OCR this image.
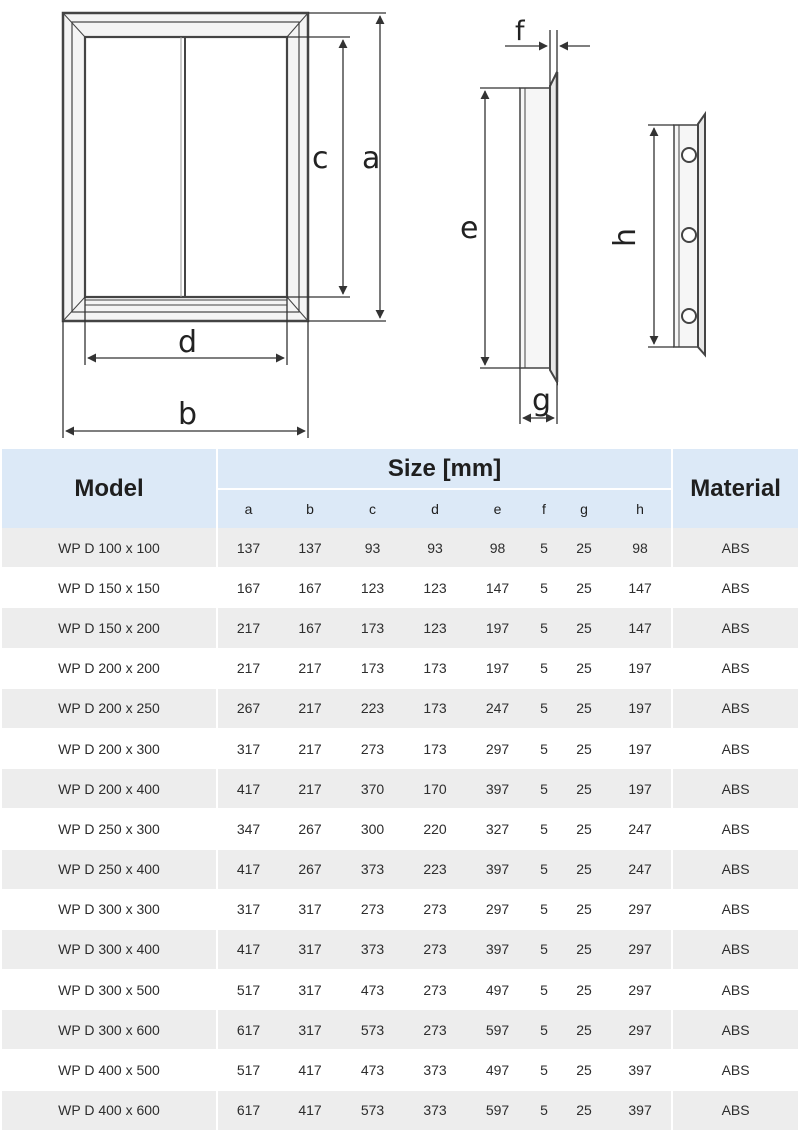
a
c
d
b
e
f
g
h
Model	Size [mm]								Material
	a	b	c	d	e	f	g	h	
WP D 100 x 100	137	137	93	93	98	5	25	98	ABS
WP D 150 x 150	167	167	123	123	147	5	25	147	ABS
WP D 150 x 200	217	167	173	123	197	5	25	147	ABS
WP D 200 x 200	217	217	173	173	197	5	25	197	ABS
WP D 200 x 250	267	217	223	173	247	5	25	197	ABS
WP D 200 x 300	317	217	273	173	297	5	25	197	ABS
WP D 200 x 400	417	217	370	170	397	5	25	197	ABS
WP D 250 x 300	347	267	300	220	327	5	25	247	ABS
WP D 250 x 400	417	267	373	223	397	5	25	247	ABS
WP D 300 x 300	317	317	273	273	297	5	25	297	ABS
WP D 300 x 400	417	317	373	273	397	5	25	297	ABS
WP D 300 x 500	517	317	473	273	497	5	25	297	ABS
WP D 300 x 600	617	317	573	273	597	5	25	297	ABS
WP D 400 x 500	517	417	473	373	497	5	25	397	ABS
WP D 400 x 600	617	417	573	373	597	5	25	397	ABS
